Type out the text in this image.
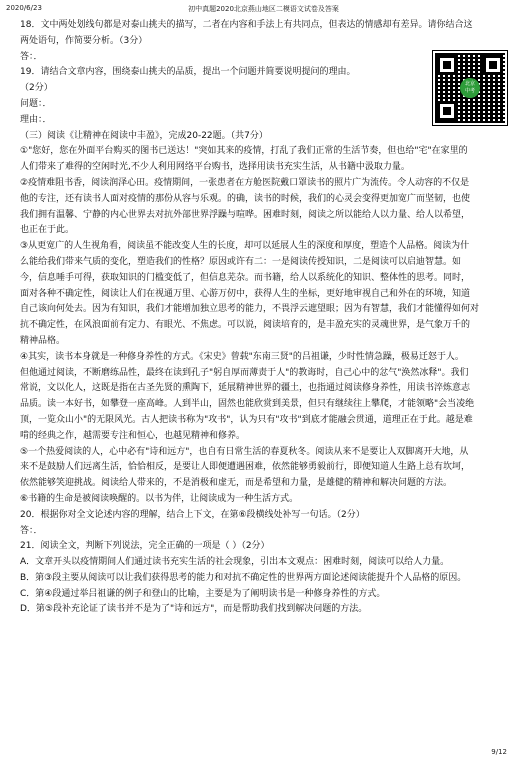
2020/6/23	初中真题2020北京燕山地区二模语文试卷及答案
北京
中考

18．文中两处划线句都是对泰山挑夫的描写，二者在内容和手法上有共同点，但表达的情感却有差异。请你结合这

两处语句，作简要分析。（3分）

答：．

19．请结合文章内容，围绕泰山挑夫的品质，提出一个问题并简要说明提问的理由。

（2分）

问题：．

理由：．

（三）阅读《让精神在阅读中丰盈》，完成20-22题。（共7分）

①"您好，您在外面平台购买的图书已送达！"突如其来的疫情，打乱了我们正常的生活节奏，但也给"宅"在家里的

人们带来了难得的空闲时光,不少人利用网络平台购书，选择用读书充实生活，从书籍中汲取力量。

②疫情难阻书香，阅读润泽心田。疫情期间，一张患者在方舱医院戴口罩读书的照片广为流传。令人动容的不仅是

他的专注，还有读书人面对疫情的那份从容与乐观。的确，读书的时候，我们的心灵会变得更加宽广而坚韧，也使

我们拥有温馨、宁静的内心世界去对抗外部世界浮躁与喧哗。困难时刻，阅读之所以能给人以力量、给人以希望，

也正在于此。

③从更宽广的人生视角看，阅读虽不能改变人生的长度，却可以延展人生的深度和厚度，塑造个人品格。阅读为什

么能给我们带来气质的变化，塑造我们的性格？原因或许有二：一是阅读传授知识，二是阅读可以启迪智慧。如

今，信息唾手可得，获取知识的门槛变低了，但信息芜杂。而书籍，给人以系统化的知识、整体性的思考。同时，

面对各种不确定性，阅读让人们在视通万里、心游万仞中，获得人生的坐标，更好地审视自己和外在的环境，知道

自己该向何处去。因为有知识，我们才能增加独立思考的能力，不畏浮云遮望眼；因为有智慧，我们才能懂得如何对

抗不确定性，在风浪面前有定力、有眼光、不焦虑。可以说，阅读培育的，是丰盈充实的灵魂世界，是气象万千的

精神品格。

④其实，读书本身就是一种修身养性的方式。《宋史》曾载"东南三贤"的吕祖谦，少时性情急躁，极易迁怒于人。

但他通过阅读，不断磨练品性，最终在读到孔子"躬自厚而薄责于人"的教诲时，自己心中的忿气"涣然冰释"。我们

常说，文以化人，这既是指在古圣先贤的熏陶下，延展精神世界的疆土，也指通过阅读修身养性，用读书淬炼意志

品质。读一本好书，如攀登一座高峰。人到半山，固然也能欣赏到美景，但只有继续往上攀爬，才能领略"会当凌绝

顶，一览众山小"的无限风光。古人把读书称为"攻书"，认为只有"攻书"到底才能融会贯通，道理正在于此。越是难

啃的经典之作，越需要专注和恒心，也越见精神和修养。

⑤一个热爱阅读的人，心中必有"诗和远方"，也自有日常生活的春夏秋冬。阅读从来不是要让人双脚离开大地，从

来不是鼓励人们远离生活，恰恰相反，是要让人即便遭遇困难，依然能够勇毅前行，即便知道人生路上总有坎坷，

依然能够笑迎挑战。阅读给人带来的，不是消极和虚无，而是希望和力量，是雄健的精神和解决问题的方法。

⑥书籍的生命是被阅读唤醒的。以书为伴，让阅读成为一种生活方式。

20．根据你对全文论述内容的理解，结合上下文，在第⑥段横线处补写一句话。（2分）

答：．

21．阅读全文，判断下列说法，完全正确的一项是（ ）（2分）

A．文章开头以疫情期间人们通过读书充实生活的社会现象，引出本文观点：困难时刻，阅读可以给人力量。

B．第③段主要从阅读可以让我们获得思考的能力和对抗不确定性的世界两方面论述阅读能提升个人品格的原因。

C．第④段通过举吕祖谦的例子和登山的比喻，主要是为了阐明读书是一种修身养性的方式。

D．第⑤段补充论证了读书并不是为了"诗和远方"，而是帮助我们找到解决问题的方法。

9/12
